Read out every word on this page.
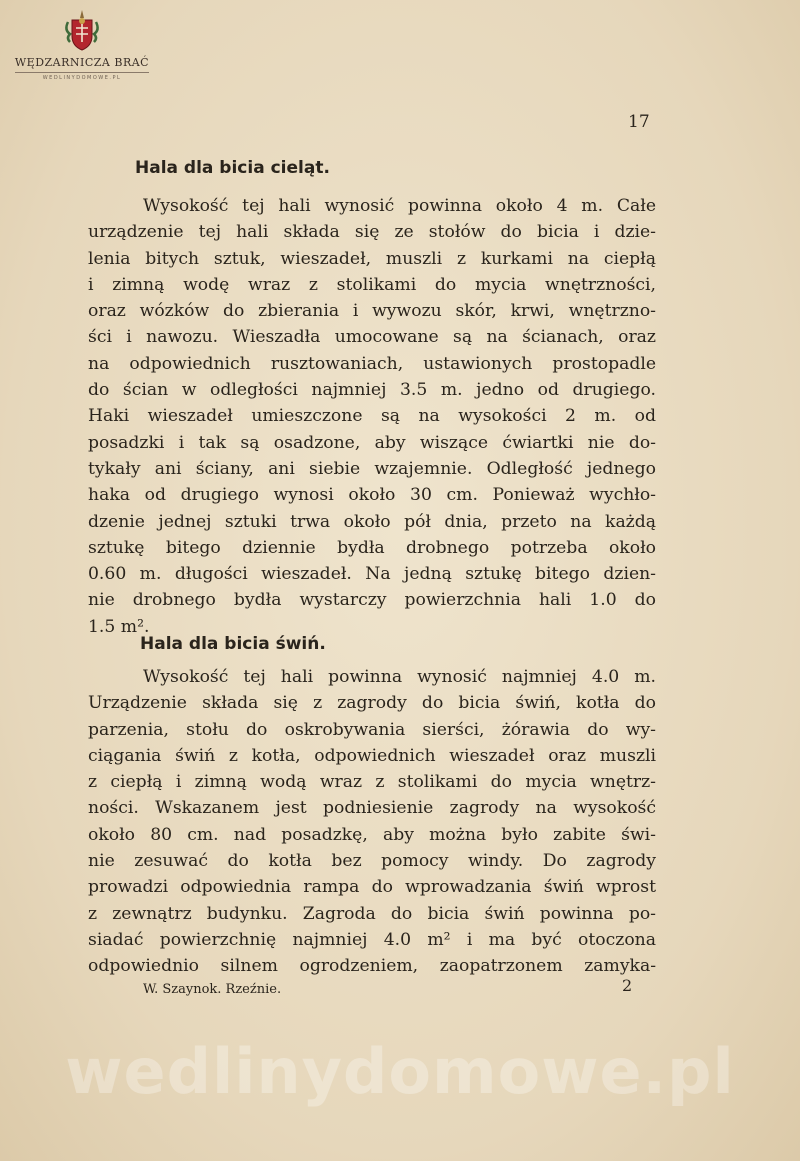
WĘDZARNICZA BRAĆ
WEDLINYDOMOWE.PL
17
Hala dla bicia cieląt.
Wysokość tej hali wynosić powinna około 4 m. Całe
urządzenie tej hali składa się ze stołów do bicia i dzie-
lenia bitych sztuk, wieszadeł, muszli z kurkami na ciepłą
i zimną wodę wraz z stolikami do mycia wnętrzności,
oraz wózków do zbierania i wywozu skór, krwi, wnętrzno-
ści i nawozu. Wieszadła umocowane są na ścianach, oraz
na odpowiednich rusztowaniach, ustawionych prostopadle
do ścian w odległości najmniej 3.5 m. jedno od drugiego.
Haki wieszadeł umieszczone są na wysokości 2 m. od
posadzki i tak są osadzone, aby wiszące ćwiartki nie do-
tykały ani ściany, ani siebie wzajemnie. Odległość jednego
haka od drugiego wynosi około 30 cm. Ponieważ wychło-
dzenie jednej sztuki trwa około pół dnia, przeto na każdą
sztukę bitego dziennie bydła drobnego potrzeba około
0.60 m. długości wieszadeł. Na jedną sztukę bitego dzien-
nie drobnego bydła wystarczy powierzchnia hali 1.0 do
1.5 m².
Hala dla bicia świń.
Wysokość tej hali powinna wynosić najmniej 4.0 m.
Urządzenie składa się z zagrody do bicia świń, kotła do
parzenia, stołu do oskrobywania sierści, żórawia do wy-
ciągania świń z kotła, odpowiednich wieszadeł oraz muszli
z ciepłą i zimną wodą wraz z stolikami do mycia wnętrz-
ności. Wskazanem jest podniesienie zagrody na wysokość
około 80 cm. nad posadzkę, aby można było zabite świ-
nie zesuwać do kotła bez pomocy windy. Do zagrody
prowadzi odpowiednia rampa do wprowadzania świń wprost
z zewnątrz budynku. Zagroda do bicia świń powinna po-
siadać powierzchnię najmniej 4.0 m² i ma być otoczona
odpowiednio silnem ogrodzeniem, zaopatrzonem zamyka-
W. Szaynok. Rzeźnie.	2
wedlinydomowe.pl
